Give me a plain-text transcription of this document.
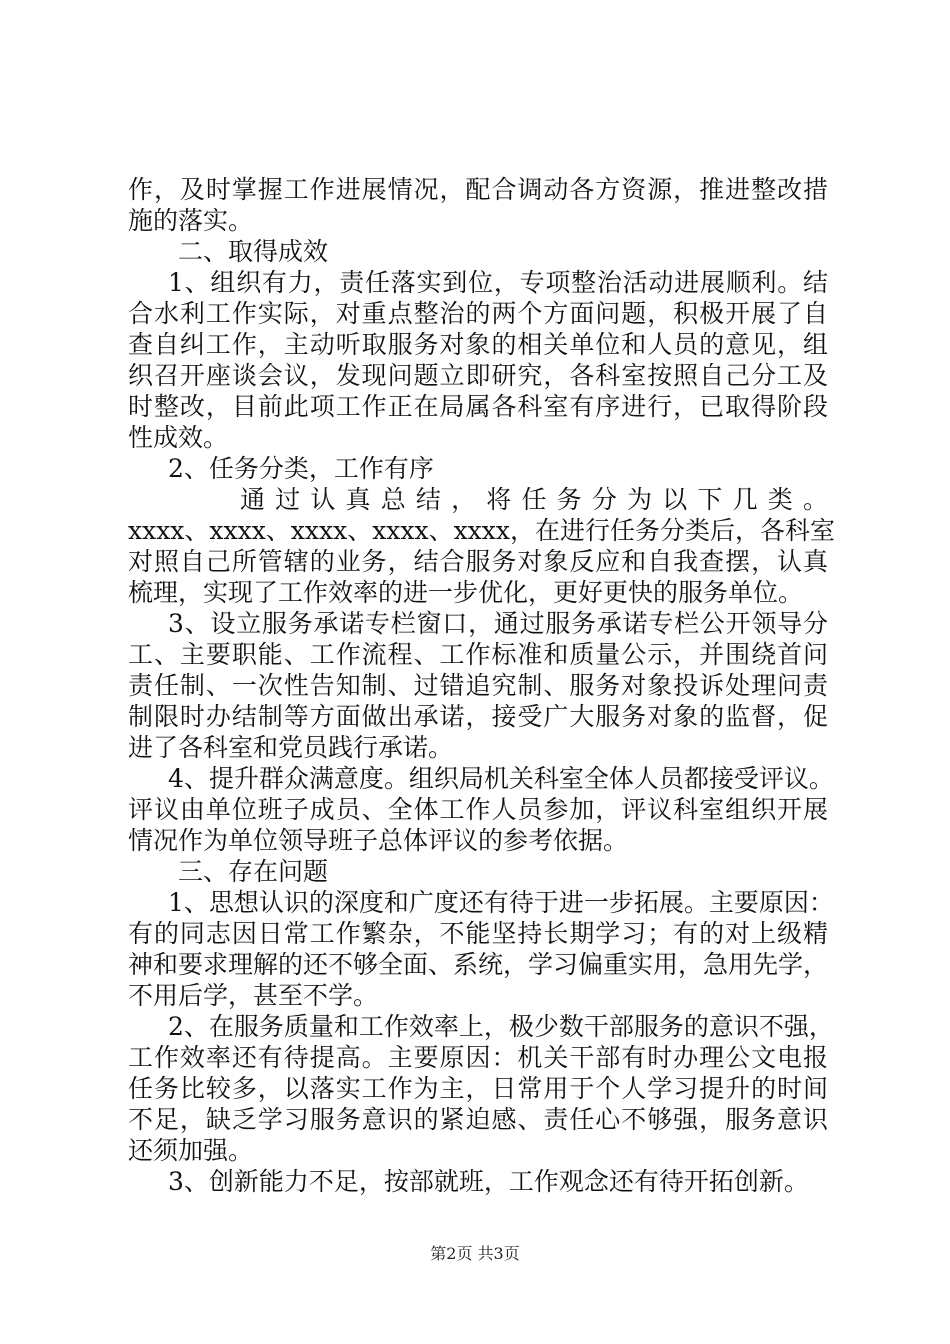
作，及时掌握工作进展情况，配合调动各方资源，推进整改措
施的落实。
二、取得成效
1、组织有力，责任落实到位，专项整治活动进展顺利。结
合水利工作实际，对重点整治的两个方面问题，积极开展了自
查自纠工作，主动听取服务对象的相关单位和人员的意见，组
织召开座谈会议，发现问题立即研究，各科室按照自己分工及
时整改，目前此项工作正在局属各科室有序进行，已取得阶段
性成效。
2、任务分类，工作有序
通过认真总结，将任务分为以下几类。
xxxx、xxxx、xxxx、xxxx、xxxx，在进行任务分类后，各科室
对照自己所管辖的业务，结合服务对象反应和自我查摆，认真
梳理，实现了工作效率的进一步优化，更好更快的服务单位。
3、设立服务承诺专栏窗口，通过服务承诺专栏公开领导分
工、主要职能、工作流程、工作标准和质量公示，并围绕首问
责任制、一次性告知制、过错追究制、服务对象投诉处理问责
制限时办结制等方面做出承诺，接受广大服务对象的监督，促
进了各科室和党员践行承诺。
4、提升群众满意度。组织局机关科室全体人员都接受评议。
评议由单位班子成员、全体工作人员参加，评议科室组织开展
情况作为单位领导班子总体评议的参考依据。
三、存在问题
1、思想认识的深度和广度还有待于进一步拓展。主要原因：
有的同志因日常工作繁杂，不能坚持长期学习；有的对上级精
神和要求理解的还不够全面、系统，学习偏重实用，急用先学，
不用后学，甚至不学。
2、在服务质量和工作效率上，极少数干部服务的意识不强，
工作效率还有待提高。主要原因：机关干部有时办理公文电报
任务比较多，以落实工作为主，日常用于个人学习提升的时间
不足，缺乏学习服务意识的紧迫感、责任心不够强，服务意识
还须加强。
3、创新能力不足，按部就班，工作观念还有待开拓创新。
第2页 共3页
